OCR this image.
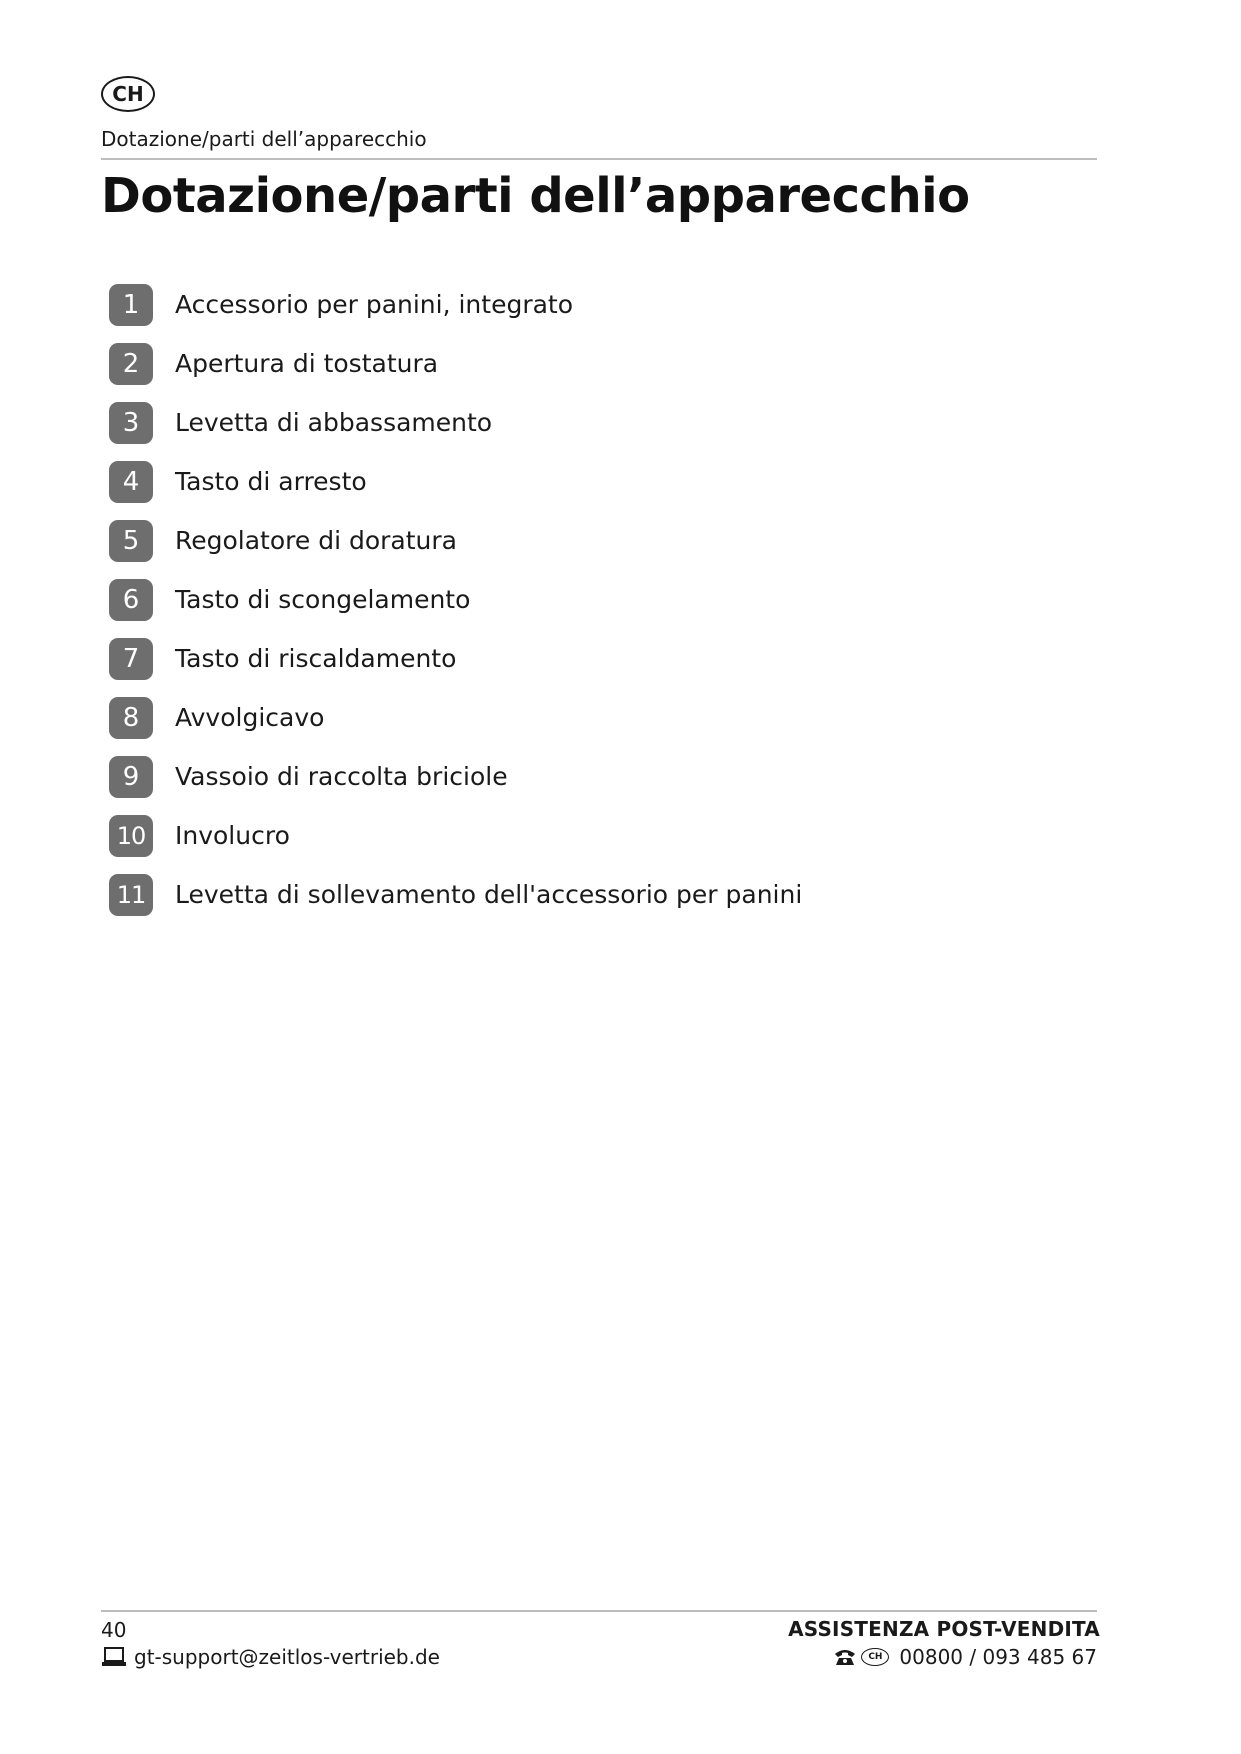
CH
Dotazione/parti dell’apparecchio
Dotazione/parti dell’apparecchio
1	Accessorio per panini, integrato
2	Apertura di tostatura
3	Levetta di abbassamento
4	Tasto di arresto
5	Regolatore di doratura
6	Tasto di scongelamento
7	Tasto di riscaldamento
8	Avvolgicavo
9	Vassoio di raccolta briciole
10	Involucro
11	Levetta di sollevamento dell'accessorio per panini
40
gt-support@zeitlos-vertrieb.de
ASSISTENZA POST-VENDITA
CH 00800 / 093 485 67
